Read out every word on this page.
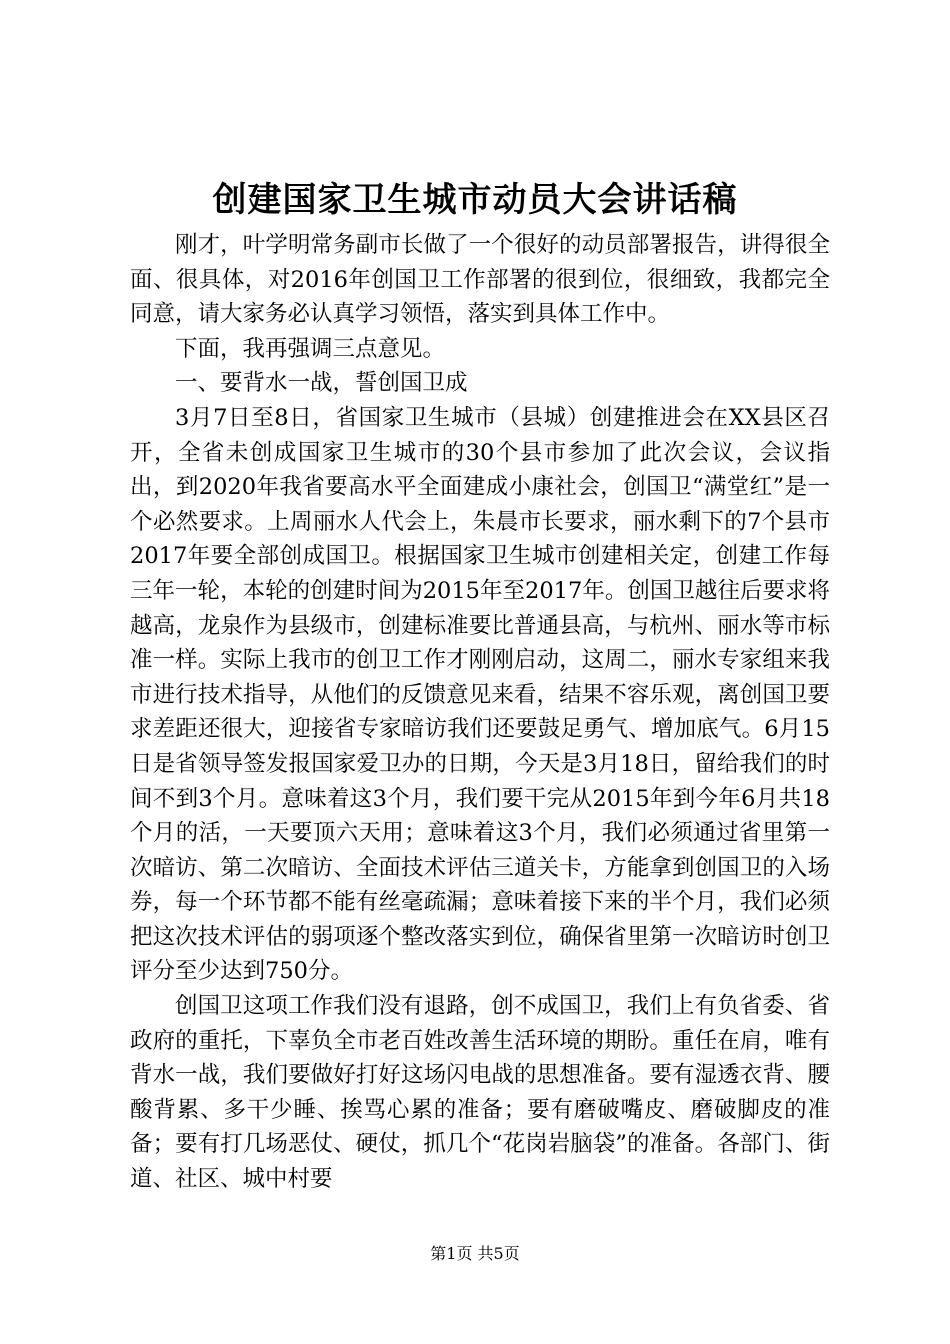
创建国家卫生城市动员大会讲话稿

刚才，叶学明常务副市长做了一个很好的动员部署报告，讲得很全面、很具体，对2016年创国卫工作部署的很到位，很细致，我都完全同意，请大家务必认真学习领悟，落实到具体工作中。

下面，我再强调三点意见。

一、要背水一战，誓创国卫成

3月7日至8日，省国家卫生城市（县城）创建推进会在XX县区召开，全省未创成国家卫生城市的30个县市参加了此次会议，会议指出，到2020年我省要高水平全面建成小康社会，创国卫“满堂红”是一个必然要求。上周丽水人代会上，朱晨市长要求，丽水剩下的7个县市2017年要全部创成国卫。根据国家卫生城市创建相关定，创建工作每三年一轮，本轮的创建时间为2015年至2017年。创国卫越往后要求将越高，龙泉作为县级市，创建标准要比普通县高，与杭州、丽水等市标准一样。实际上我市的创卫工作才刚刚启动，这周二，丽水专家组来我市进行技术指导，从他们的反馈意见来看，结果不容乐观，离创国卫要求差距还很大，迎接省专家暗访我们还要鼓足勇气、增加底气。6月15日是省领导签发报国家爱卫办的日期，今天是3月18日，留给我们的时间不到3个月。意味着这3个月，我们要干完从2015年到今年6月共18个月的活，一天要顶六天用；意味着这3个月，我们必须通过省里第一次暗访、第二次暗访、全面技术评估三道关卡，方能拿到创国卫的入场券，每一个环节都不能有丝毫疏漏；意味着接下来的半个月，我们必须把这次技术评估的弱项逐个整改落实到位，确保省里第一次暗访时创卫评分至少达到750分。

创国卫这项工作我们没有退路，创不成国卫，我们上有负省委、省政府的重托，下辜负全市老百姓改善生活环境的期盼。重任在肩，唯有背水一战，我们要做好打好这场闪电战的思想准备。要有湿透衣背、腰酸背累、多干少睡、挨骂心累的准备；要有磨破嘴皮、磨破脚皮的准备；要有打几场恶仗、硬仗，抓几个“花岗岩脑袋”的准备。各部门、街道、社区、城中村要

第1页 共5页
